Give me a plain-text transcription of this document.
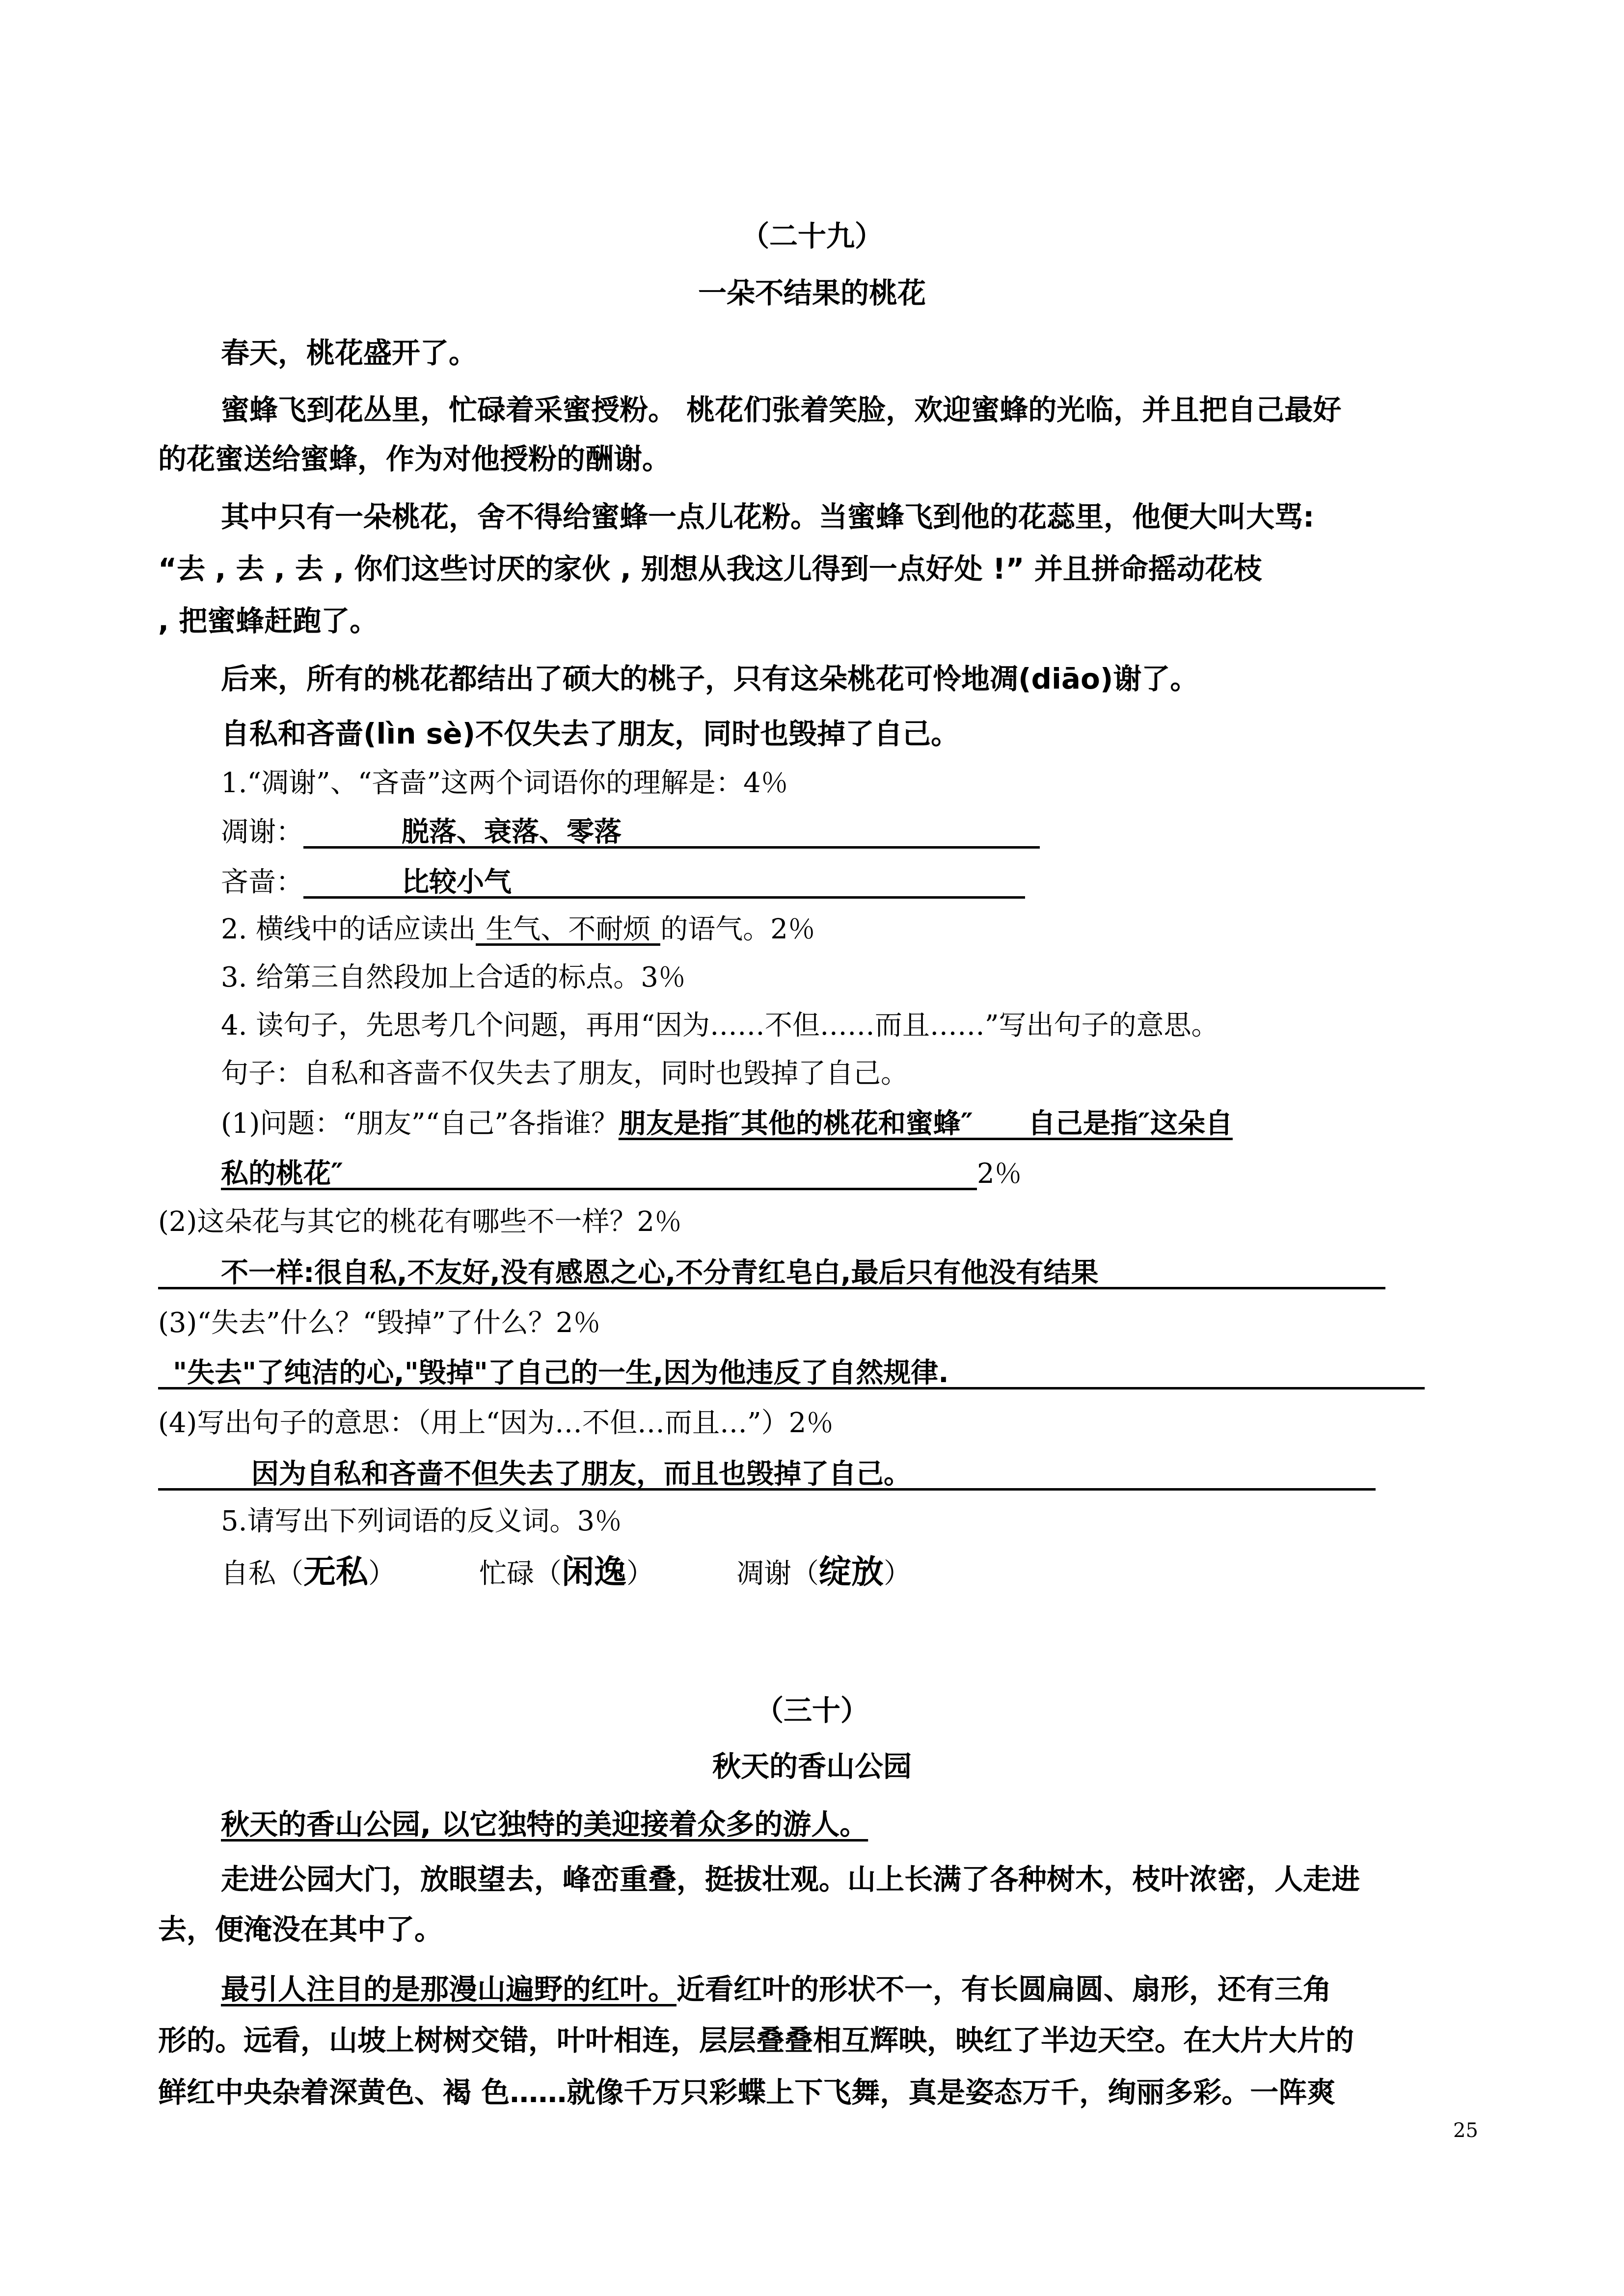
（二十九）
一朵不结果的桃花
春天，桃花盛开了。
蜜蜂飞到花丛里，忙碌着采蜜授粉。 桃花们张着笑脸，欢迎蜜蜂的光临，并且把自己最好
的花蜜送给蜜蜂，作为对他授粉的酬谢。
其中只有一朵桃花，舍不得给蜜蜂一点儿花粉。当蜜蜂飞到他的花蕊里，他便大叫大骂:
“去 , 去 , 去 , 你们这些讨厌的家伙 , 别想从我这儿得到一点好处 !” 并且拼命摇动花枝
, 把蜜蜂赶跑了。
后来，所有的桃花都结出了硕大的桃子，只有这朵桃花可怜地凋(diāo)谢了。
自私和吝啬(lìn sè)不仅失去了朋友，同时也毁掉了自己。
1.“凋谢”、“吝啬”这两个词语你的理解是：4％
凋谢：	脱落、衰落、零落
吝啬：	比较小气
2. 横线中的话应读出 生气、不耐烦 的语气。2％
3. 给第三自然段加上合适的标点。3％
4. 读句子，先思考几个问题，再用“因为……不但……而且……”写出句子的意思。
句子：自私和吝啬不仅失去了朋友，同时也毁掉了自己。
(1)问题：“朋友”“自己”各指谁？朋友是指″其他的桃花和蜜蜂″　　自己是指″这朵自
私的桃花″	2％
(2)这朵花与其它的桃花有哪些不一样？2％
不一样:很自私,不友好,没有感恩之心,不分青红皂白,最后只有他没有结果
(3)“失去”什么？“毁掉”了什么？2％
"失去"了纯洁的心,"毁掉"了自己的一生,因为他违反了自然规律.
(4)写出句子的意思：（用上“因为…不但…而且…”）2％
因为自私和吝啬不但失去了朋友，而且也毁掉了自己。
5.请写出下列词语的反义词。3％
自私（无私）	忙碌（闲逸）	凋谢（绽放）
（三十）
秋天的香山公园
秋天的香山公园, 以它独特的美迎接着众多的游人。
走进公园大门，放眼望去，峰峦重叠，挺拔壮观。山上长满了各种树木，枝叶浓密，人走进
去，便淹没在其中了。
最引人注目的是那漫山遍野的红叶。近看红叶的形状不一，有长圆扁圆、扇形，还有三角
形的。远看，山坡上树树交错，叶叶相连，层层叠叠相互辉映，映红了半边天空。在大片大片的
鲜红中央杂着深黄色、褐 色……就像千万只彩蝶上下飞舞，真是姿态万千，绚丽多彩。一阵爽
25
